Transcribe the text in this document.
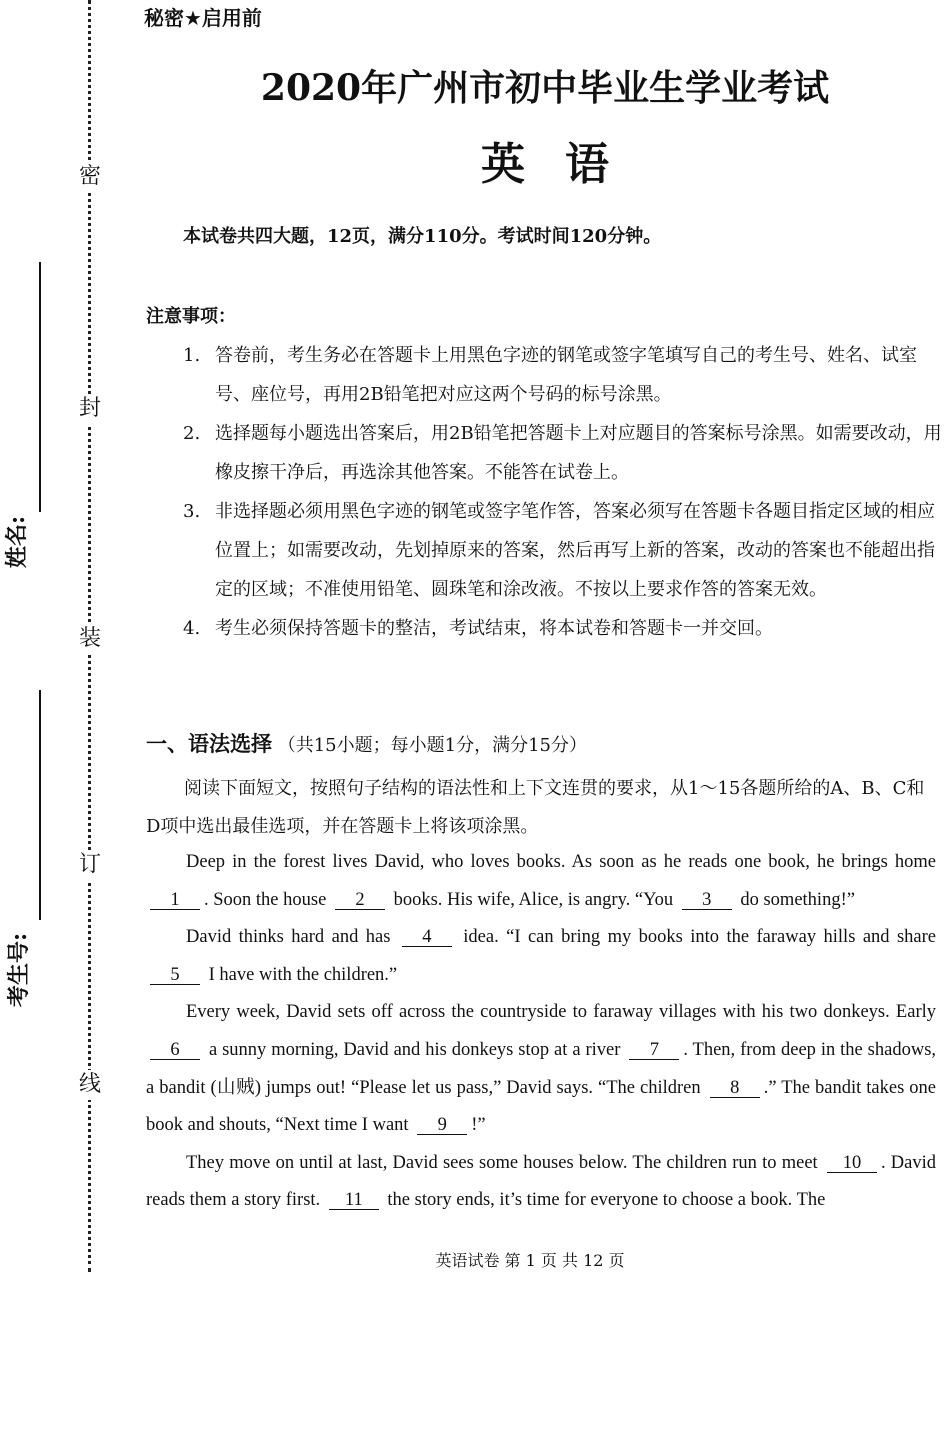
密
封
装
订
线
姓名:
考生号:
秘密★启用前
2020年广州市初中毕业生学业考试
英语
本试卷共四大题，12页，满分110分。考试时间120分钟。
注意事项：

1. 答卷前，考生务必在答题卡上用黑色字迹的钢笔或签字笔填写自己的考生号、姓名、试室号、座位号，再用2B铅笔把对应这两个号码的标号涂黑。

2. 选择题每小题选出答案后，用2B铅笔把答题卡上对应题目的答案标号涂黑。如需要改动，用橡皮擦干净后，再选涂其他答案。不能答在试卷上。

3. 非选择题必须用黑色字迹的钢笔或签字笔作答，答案必须写在答题卡各题目指定区域的相应位置上；如需要改动，先划掉原来的答案，然后再写上新的答案，改动的答案也不能超出指定的区域；不准使用铅笔、圆珠笔和涂改液。不按以上要求作答的答案无效。

4. 考生必须保持答题卡的整洁，考试结束，将本试卷和答题卡一并交回。

一、语法选择 （共15小题；每小题1分，满分15分）

阅读下面短文，按照句子结构的语法性和上下文连贯的要求，从1～15各题所给的A、B、C和D项中选出最佳选项，并在答题卡上将该项涂黑。

Deep in the forest lives David, who loves books. As soon as he reads one book, he brings home 1 . Soon the house 2 books. His wife, Alice, is angry. “You 3 do something!”

David thinks hard and has 4 idea. “I can bring my books into the faraway hills and share 5 I have with the children.”

Every week, David sets off across the countryside to faraway villages with his two donkeys. Early 6 a sunny morning, David and his donkeys stop at a river 7 . Then, from deep in the shadows, a bandit (山贼) jumps out! “Please let us pass,” David says. “The children 8 .” The bandit takes one book and shouts, “Next time I want 9 !”

They move on until at last, David sees some houses below. The children run to meet 10 . David reads them a story first. 11 the story ends, it’s time for everyone to choose a book. The

英语试卷 第 1 页 共 12 页
